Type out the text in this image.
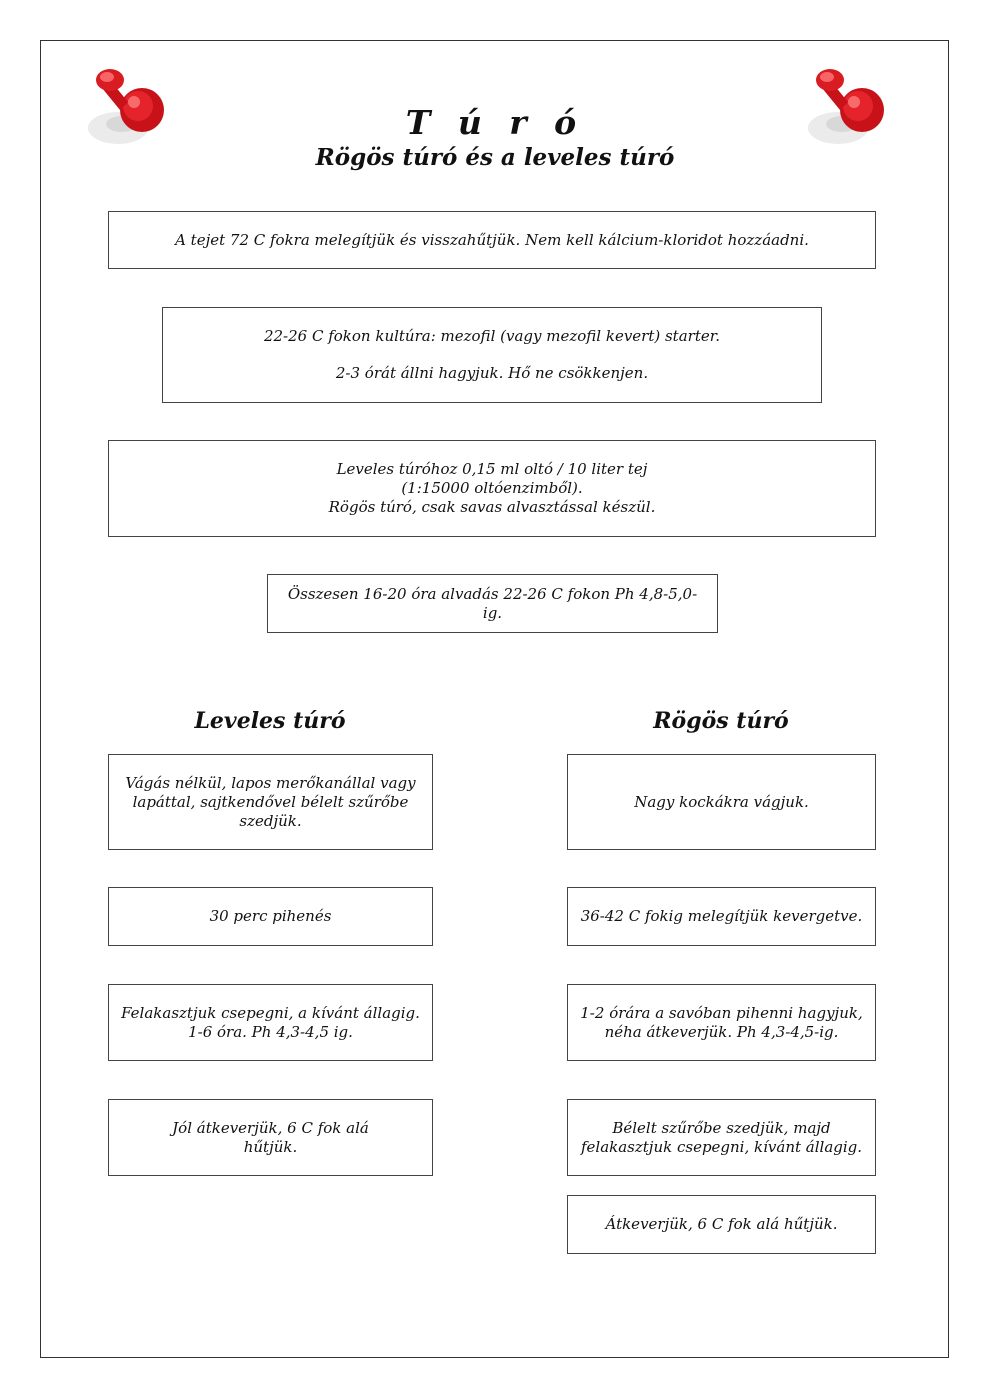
T ú r ó
Rögös túró és a leveles túró
A tejet 72 C fokra melegítjük és visszahűtjük. Nem kell kálcium-kloridot hozzáadni.
22-26 C fokon kultúra: mezofil (vagy mezofil kevert) starter.
2-3 órát állni hagyjuk. Hő ne csökkenjen.
Leveles túróhoz 0,15 ml oltó / 10 liter tej
(1:15000 oltóenzimből).
Rögös túró, csak savas alvasztással készül.
Összesen 16-20 óra alvadás 22-26 C fokon Ph 4,8-5,0-ig.
Leveles túró	Rögös túró
Vágás nélkül, lapos merőkanállal vagy
lapáttal, sajtkendővel bélelt szűrőbe
szedjük.
30 perc pihenés
Felakasztjuk csepegni, a kívánt állagig.
1-6 óra. Ph 4,3-4,5 ig.
Jól átkeverjük, 6 C fok alá
hűtjük.
Nagy kockákra vágjuk.
36-42 C fokig melegítjük kevergetve.
1-2 órára a savóban pihenni hagyjuk,
néha átkeverjük. Ph 4,3-4,5-ig.
Bélelt szűrőbe szedjük, majd
felakasztjuk csepegni, kívánt állagig.
Átkeverjük, 6 C fok alá hűtjük.
